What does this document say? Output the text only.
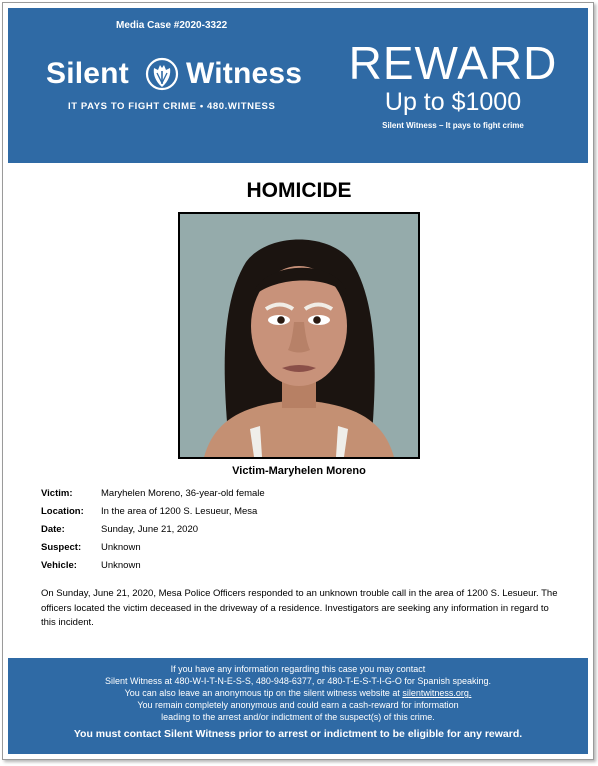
Media Case #2020-3322
Silent Witness
IT PAYS TO FIGHT CRIME • 480.WITNESS
REWARD
Up to $1000
Silent Witness – It pays to fight crime
HOMICIDE
Victim-Maryhelen Moreno
Victim:	Maryhelen Moreno, 36-year-old female
Location:	In the area of 1200 S. Lesueur, Mesa
Date:	Sunday, June 21, 2020
Suspect:	Unknown
Vehicle:	Unknown
On Sunday, June 21, 2020, Mesa Police Officers responded to an unknown trouble call in the area of 1200 S. Lesueur. The officers located the victim deceased in the driveway of a residence. Investigators are seeking any information in regard to this incident.
If you have any information regarding this case you may contact
Silent Witness at 480-W-I-T-N-E-S-S, 480-948-6377, or 480-T-E-S-T-I-G-O for Spanish speaking.
You can also leave an anonymous tip on the silent witness website at silentwitness.org.
You remain completely anonymous and could earn a cash-reward for information
leading to the arrest and/or indictment of the suspect(s) of this crime.
You must contact Silent Witness prior to arrest or indictment to be eligible for any reward.
